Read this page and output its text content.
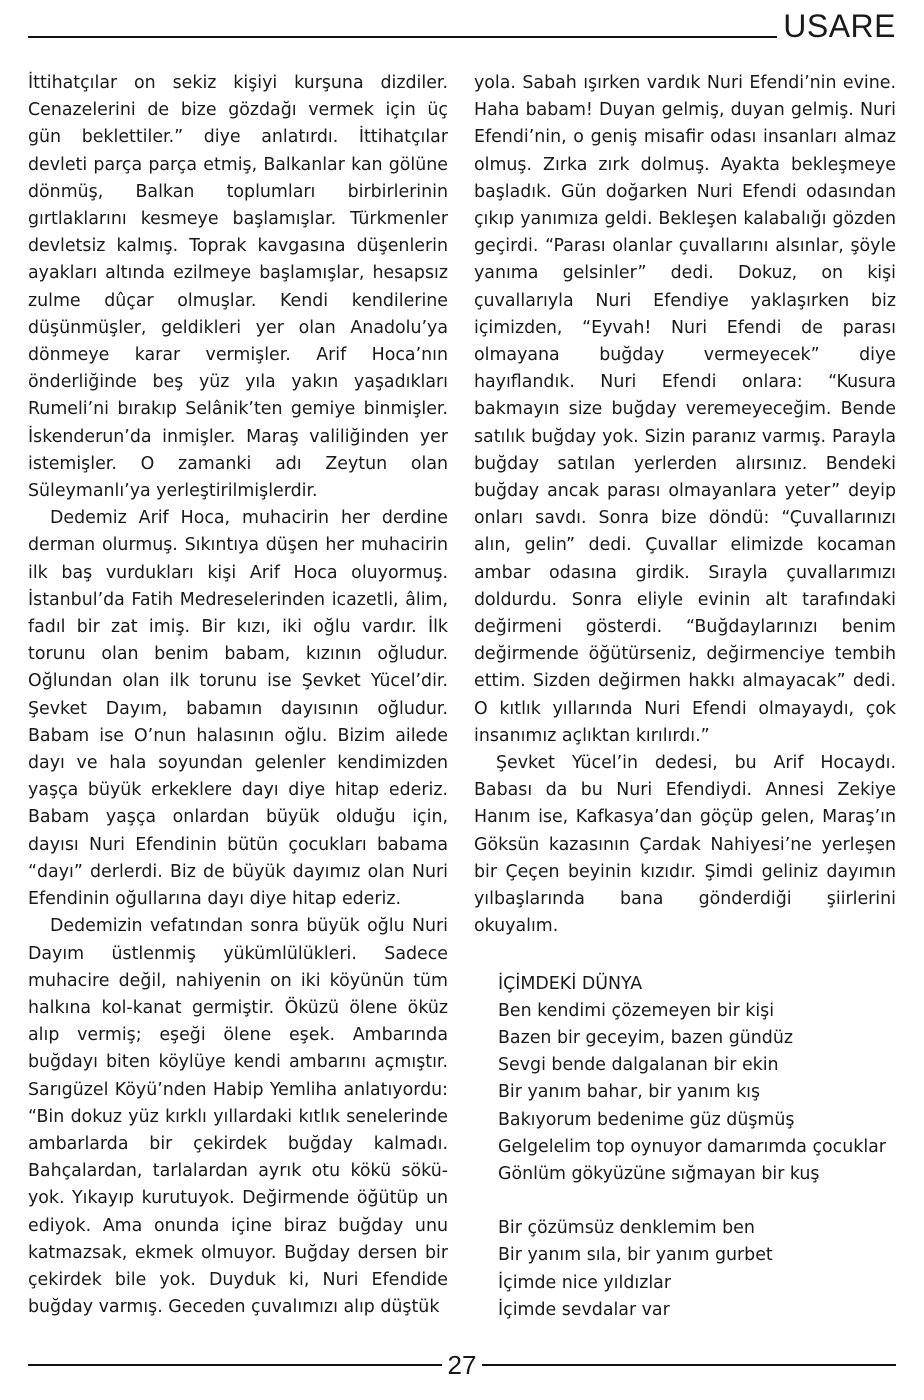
USARE

İttihatçılar on sekiz kişiyi kurşuna dizdiler. Cenazelerini de bize gözdağı vermek için üç gün beklettiler.” diye anlatırdı. İttihatçılar devleti parça parça etmiş, Balkanlar kan gölüne dönmüş, Balkan toplumları birbirlerinin gırtlaklarını kesmeye başlamışlar. Türkmenler devletsiz kalmış. Toprak kavgasına düşenlerin ayakları altında ezilmeye başlamışlar, hesapsız zulme dûçar olmuşlar. Kendi kendilerine düşünmüşler, geldikleri yer olan Anadolu’ya dönmeye karar vermişler. Arif Hoca’nın önderliğinde beş yüz yıla yakın yaşadıkları Rumeli’ni bırakıp Selânik’ten gemiye binmişler. İskenderun’da inmişler. Maraş valiliğinden yer istemişler. O zamanki adı Zeytun olan Süleymanlı’ya yerleştirilmişlerdir.

Dedemiz Arif Hoca, muhacirin her derdine derman olurmuş. Sıkıntıya düşen her muhacirin ilk baş vurdukları kişi Arif Hoca oluyormuş. İstanbul’da Fatih Medreselerinden icazetli, âlim, fadıl bir zat imiş. Bir kızı, iki oğlu vardır. İlk torunu olan benim babam, kızının oğludur. Oğlundan olan ilk torunu ise Şevket Yücel’dir. Şevket Dayım, babamın dayısının oğludur. Babam ise O’nun halasının oğlu. Bizim ailede dayı ve hala soyundan gelenler kendimizden yaşça büyük erkeklere dayı diye hitap ederiz. Babam yaşça onlardan büyük olduğu için, dayısı Nuri Efendinin bütün çocukları babama “dayı” derlerdi. Biz de büyük dayımız olan Nuri Efendinin oğullarına dayı diye hitap ederiz.

Dedemizin vefatından sonra büyük oğlu Nuri Dayım üstlenmiş yükümlülükleri. Sadece muhacire değil, nahiyenin on iki köyünün tüm halkına kol-kanat germiştir. Öküzü ölene öküz alıp vermiş; eşeği ölene eşek. Ambarında buğdayı biten köylüye kendi ambarını açmıştır. Sarıgüzel Köyü’nden Habip Yemliha anlatıyordu: “Bin dokuz yüz kırklı yıllardaki kıtlık senelerinde ambarlarda bir çekirdek buğday kalmadı. Bahçalardan, tarlalardan ayrık otu kökü sökü-yok. Yıkayıp kurutuyok. Değirmende öğütüp un ediyok. Ama onunda içine biraz buğday unu katmazsak, ekmek olmuyor. Buğday dersen bir çekirdek bile yok. Duyduk ki, Nuri Efendide buğday varmış. Geceden çuvalımızı alıp düştük

yola. Sabah ışırken vardık Nuri Efendi’nin evine. Haha babam! Duyan gelmiş, duyan gelmiş. Nuri Efendi’nin, o geniş misafir odası insanları almaz olmuş. Zırka zırk dolmuş. Ayakta bekleşmeye başladık. Gün doğarken Nuri Efendi odasından çıkıp yanımıza geldi. Bekleşen kalabalığı gözden geçirdi. “Parası olanlar çuvallarını alsınlar, şöyle yanıma gelsinler” dedi. Dokuz, on kişi çuvallarıyla Nuri Efendiye yaklaşırken biz içimizden, “Eyvah! Nuri Efendi de parası olmayana buğday vermeyecek” diye hayıflandık. Nuri Efendi onlara: “Kusura bakmayın size buğday veremeyeceğim. Bende satılık buğday yok. Sizin paranız varmış. Parayla buğday satılan yerlerden alırsınız. Bendeki buğday ancak parası olmayanlara yeter” deyip onları savdı. Sonra bize döndü: “Çuvallarınızı alın, gelin” dedi. Çuvallar elimizde kocaman ambar odasına girdik. Sırayla çuvallarımızı doldurdu. Sonra eliyle evinin alt tarafındaki değirmeni gösterdi. “Buğdaylarınızı benim değirmende öğütürseniz, değirmenciye tembih ettim. Sizden değirmen hakkı almayacak” dedi. O kıtlık yıllarında Nuri Efendi olmayaydı, çok insanımız açlıktan kırılırdı.”

Şevket Yücel’in dedesi, bu Arif Hocaydı. Babası da bu Nuri Efendiydi. Annesi Zekiye Hanım ise, Kafkasya’dan göçüp gelen, Maraş’ın Göksün kazasının Çardak Nahiyesi’ne yerleşen bir Çeçen beyinin kızıdır. Şimdi geliniz dayımın yılbaşlarında bana gönderdiği şiirlerini okuyalım.

İÇİMDEKİ DÜNYA
Ben kendimi çözemeyen bir kişi
Bazen bir geceyim, bazen gündüz
Sevgi bende dalgalanan bir ekin
Bir yanım bahar, bir yanım kış
Bakıyorum bedenime güz düşmüş
Gelgelelim top oynuyor damarımda çocuklar
Gönlüm gökyüzüne sığmayan bir kuş
Bir çözümsüz denklemim ben
Bir yanım sıla, bir yanım gurbet
İçimde nice yıldızlar
İçimde sevdalar var
27
